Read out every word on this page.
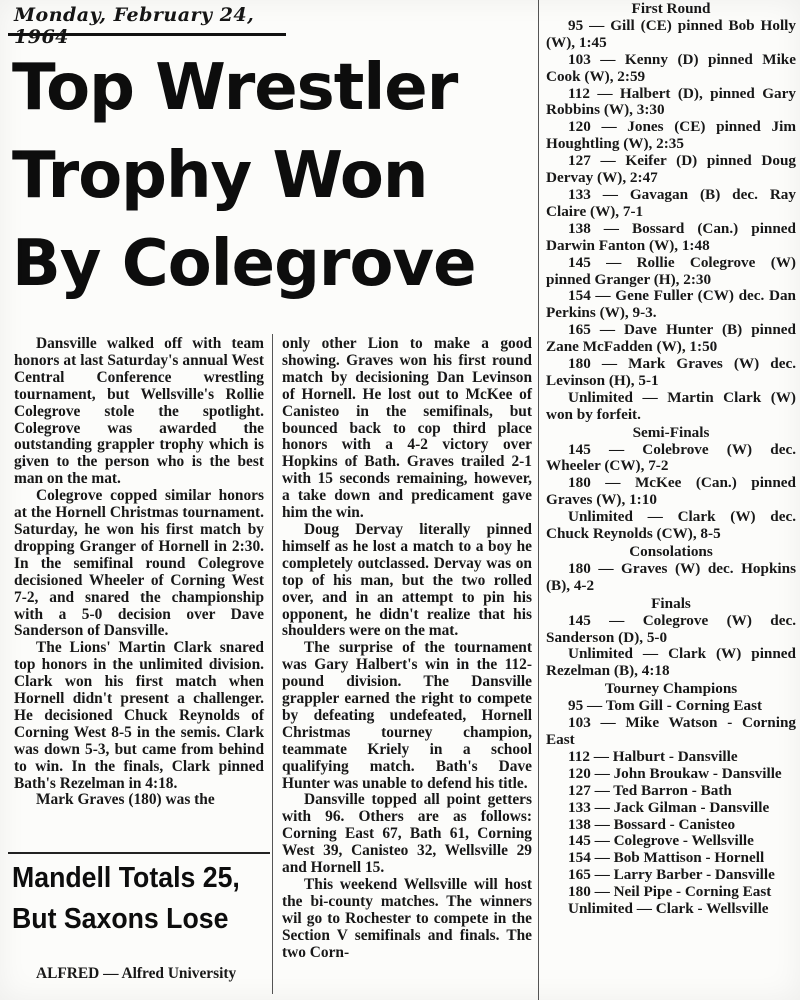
Monday, February 24, 1964
Top Wrestler
Trophy Won
By Colegrove

Dansville walked off with team honors at last Saturday's annual West Central Conference wrestling tournament, but Wellsville's Rollie Colegrove stole the spotlight. Colegrove was awarded the outstanding grappler trophy which is given to the person who is the best man on the mat.

Colegrove copped similar honors at the Hornell Christmas tournament. Saturday, he won his first match by dropping Granger of Hornell in 2:30. In the semifinal round Colegrove decisioned Wheeler of Corning West 7-2, and snared the championship with a 5-0 decision over Dave Sanderson of Dansville.

The Lions' Martin Clark snared top honors in the unlimited division. Clark won his first match when Hornell didn't present a challenger. He decisioned Chuck Reynolds of Corning West 8-5 in the semis. Clark was down 5-3, but came from behind to win. In the finals, Clark pinned Bath's Rezelman in 4:18.

Mark Graves (180) was the

only other Lion to make a good showing. Graves won his first round match by decisioning Dan Levinson of Hornell. He lost out to McKee of Canisteo in the semifinals, but bounced back to cop third place honors with a 4-2 victory over Hopkins of Bath. Graves trailed 2-1 with 15 seconds remaining, however, a take down and predicament gave him the win.

Doug Dervay literally pinned himself as he lost a match to a boy he completely outclassed. Dervay was on top of his man, but the two rolled over, and in an attempt to pin his opponent, he didn't realize that his shoulders were on the mat.

The surprise of the tournament was Gary Halbert's win in the 112-pound division. The Dansville grappler earned the right to compete by defeating undefeated, Hornell Christmas tourney champion, teammate Kriely in a school qualifying match. Bath's Dave Hunter was unable to defend his title.

Dansville topped all point getters with 96. Others are as follows: Corning East 67, Bath 61, Corning West 39, Canisteo 32, Wellsville 29 and Hornell 15.

This weekend Wellsville will host the bi-county matches. The winners wil go to Rochester to compete in the Section V semifinals and finals. The two Corn-

Mandell Totals 25,
But Saxons Lose

ALFRED — Alfred University

First Round

95 — Gill (CE) pinned Bob Holly (W), 1:45

103 — Kenny (D) pinned Mike Cook (W), 2:59

112 — Halbert (D), pinned Gary Robbins (W), 3:30

120 — Jones (CE) pinned Jim Houghtling (W), 2:35

127 — Keifer (D) pinned Doug Dervay (W), 2:47

133 — Gavagan (B) dec. Ray Claire (W), 7-1

138 — Bossard (Can.) pinned Darwin Fanton (W), 1:48

145 — Rollie Colegrove (W) pinned Granger (H), 2:30

154 — Gene Fuller (CW) dec. Dan Perkins (W), 9-3.

165 — Dave Hunter (B) pinned Zane McFadden (W), 1:50

180 — Mark Graves (W) dec. Levinson (H), 5-1

Unlimited — Martin Clark (W) won by forfeit.

Semi-Finals

145 — Colebrove (W) dec. Wheeler (CW), 7-2

180 — McKee (Can.) pinned Graves (W), 1:10

Unlimited — Clark (W) dec. Chuck Reynolds (CW), 8-5

Consolations

180 — Graves (W) dec. Hopkins (B), 4-2

Finals

145 — Colegrove (W) dec. Sanderson (D), 5-0

Unlimited — Clark (W) pinned Rezelman (B), 4:18

Tourney Champions

95 — Tom Gill - Corning East

103 — Mike Watson - Corning East

112 — Halburt - Dansville

120 — John Broukaw - Dansville

127 — Ted Barron - Bath

133 — Jack Gilman - Dansville

138 — Bossard - Canisteo

145 — Colegrove - Wellsville

154 — Bob Mattison - Hornell

165 — Larry Barber - Dansville

180 — Neil Pipe - Corning East

Unlimited — Clark - Wellsville
